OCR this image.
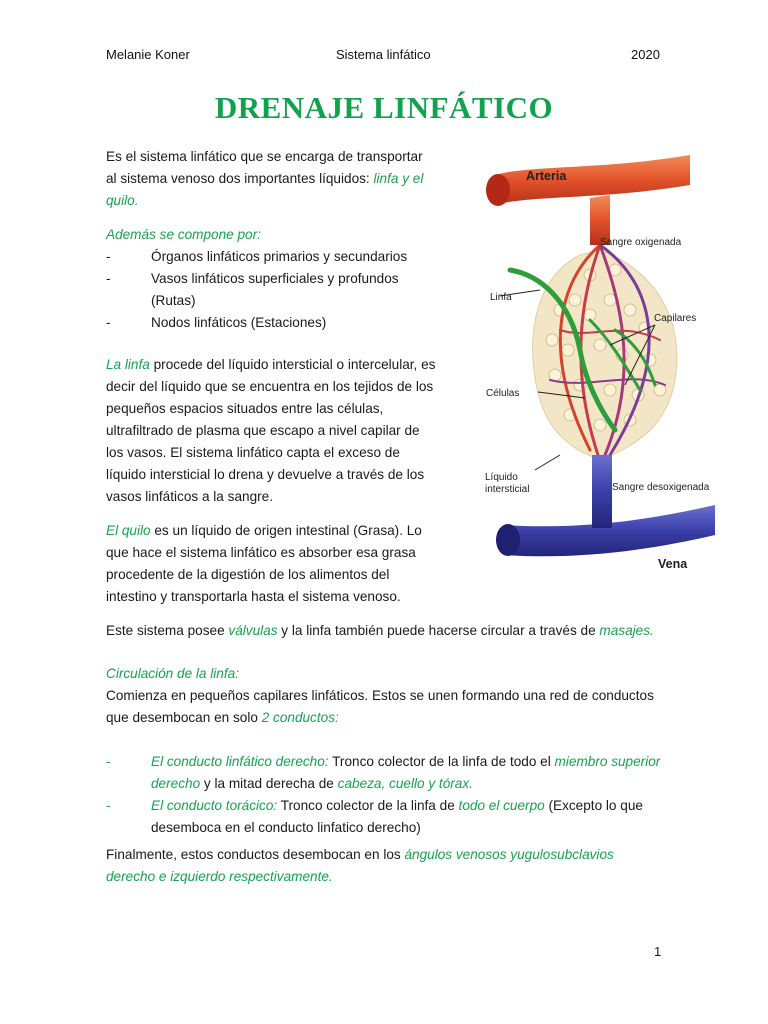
Melanie Koner	Sistema linfático	2020
DRENAJE LINFÁTICO
Es el sistema linfático que se encarga de transportar al sistema venoso dos importantes líquidos: linfa y el quilo.
Además se compone por:
- Órganos linfáticos primarios y secundarios
- Vasos linfáticos superficiales y profundos (Rutas)
- Nodos linfáticos (Estaciones)
La linfa procede del líquido intersticial o intercelular, es decir del líquido que se encuentra en los tejidos de los pequeños espacios situados entre las células, ultrafiltrado de plasma que escapo a nivel capilar de los vasos. El sistema linfático capta el exceso de líquido intersticial lo drena y devuelve a través de los vasos linfáticos a la sangre.
El quilo es un líquido de origen intestinal (Grasa). Lo que hace el sistema linfático es absorber esa grasa procedente de la digestión de los alimentos del intestino y transportarla hasta el sistema venoso.
Este sistema posee válvulas y la linfa también puede hacerse circular a través de masajes.
Circulación de la linfa:
Comienza en pequeños capilares linfáticos. Estos se unen formando una red de conductos que desembocan en solo 2 conductos:
- El conducto linfático derecho: Tronco colector de la linfa de todo el miembro superior derecho y la mitad derecha de cabeza, cuello y tórax.
- El conducto torácico: Tronco colector de la linfa de todo el cuerpo (Excepto lo que desemboca en el conducto linfatico derecho)
Finalmente, estos conductos desembocan en los ángulos venosos yugulosubclavios derecho e izquierdo respectivamente.
1
Arteria
Sangre oxigenada
Linfa
Capilares
Células
Líquido
intersticial	Sangre desoxigenada
Vena
